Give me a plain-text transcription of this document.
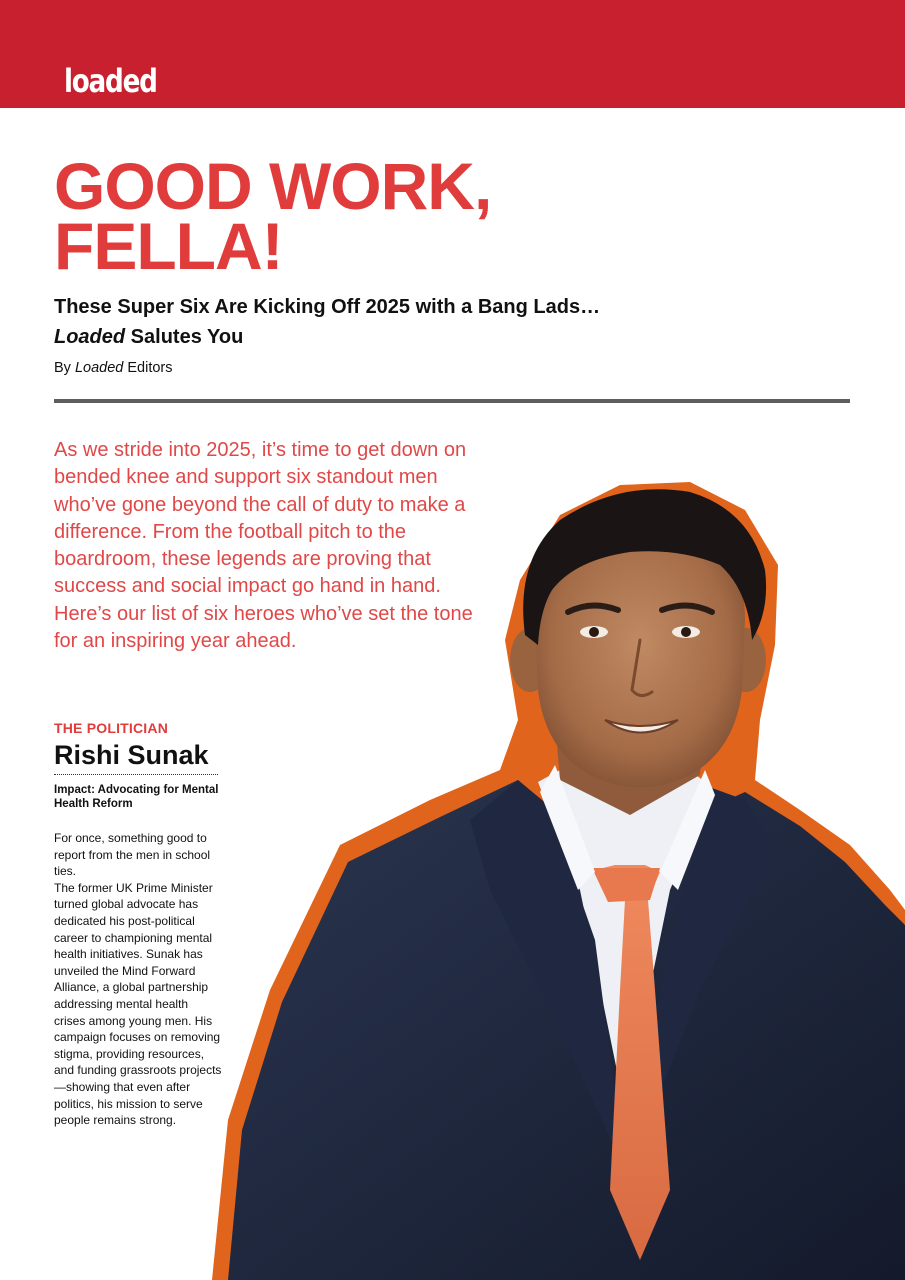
loaded
GOOD WORK,
FELLA!
These Super Six Are Kicking Off 2025 with a Bang Lads… Loaded Salutes You
By Loaded Editors

As we stride into 2025, it’s time to get down on bended knee and support six standout men who’ve gone beyond the call of duty to make a difference. From the football pitch to the boardroom, these legends are proving that success and social impact go hand in hand. Here’s our list of six heroes who’ve set the tone for an inspiring year ahead.

THE POLITICIAN
Rishi Sunak

Impact: Advocating for Mental Health Reform

For once, something good to report from the men in school ties.

The former UK Prime Minister turned global advocate has dedicated his post-political career to championing mental health initiatives. Sunak has unveiled the Mind Forward Alliance, a global partnership addressing mental health crises among young men. His campaign focuses on removing stigma, providing resources, and funding grassroots projects—showing that even after politics, his mission to serve people remains strong.
